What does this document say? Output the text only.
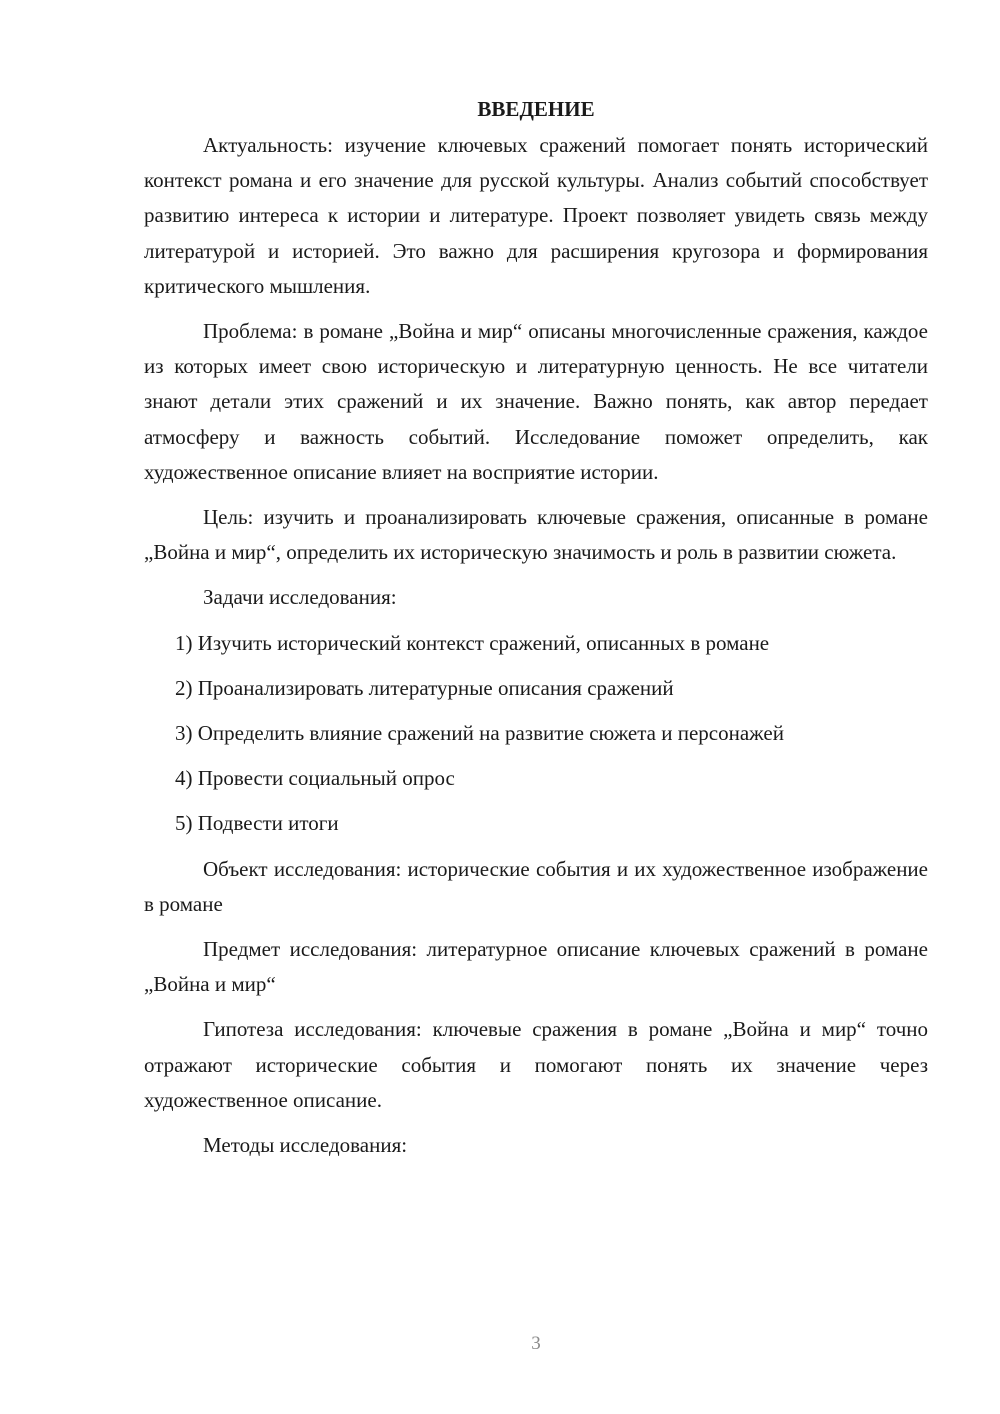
ВВЕДЕНИЕ

Актуальность: изучение ключевых сражений помогает понять исторический контекст романа и его значение для русской культуры. Анализ событий способствует развитию интереса к истории и литературе. Проект позволяет увидеть связь между литературой и историей. Это важно для расширения кругозора и формирования критического мышления.

Проблема: в романе „Война и мир“ описаны многочисленные сражения, каждое из которых имеет свою историческую и литературную ценность. Не все читатели знают детали этих сражений и их значение. Важно понять, как автор передает атмосферу и важность событий. Исследование поможет определить, как художественное описание влияет на восприятие истории.

Цель: изучить и проанализировать ключевые сражения, описанные в романе „Война и мир“, определить их историческую значимость и роль в развитии сюжета.

Задачи исследования:

1) Изучить исторический контекст сражений, описанных в романе

2) Проанализировать литературные описания сражений

3) Определить влияние сражений на развитие сюжета и персонажей

4) Провести социальный опрос

5) Подвести итоги

Объект исследования: исторические события и их художественное изображение в романе

Предмет исследования: литературное описание ключевых сражений в романе „Война и мир“

Гипотеза исследования: ключевые сражения в романе „Война и мир“ точно отражают исторические события и помогают понять их значение через художественное описание.

Методы исследования:

3
